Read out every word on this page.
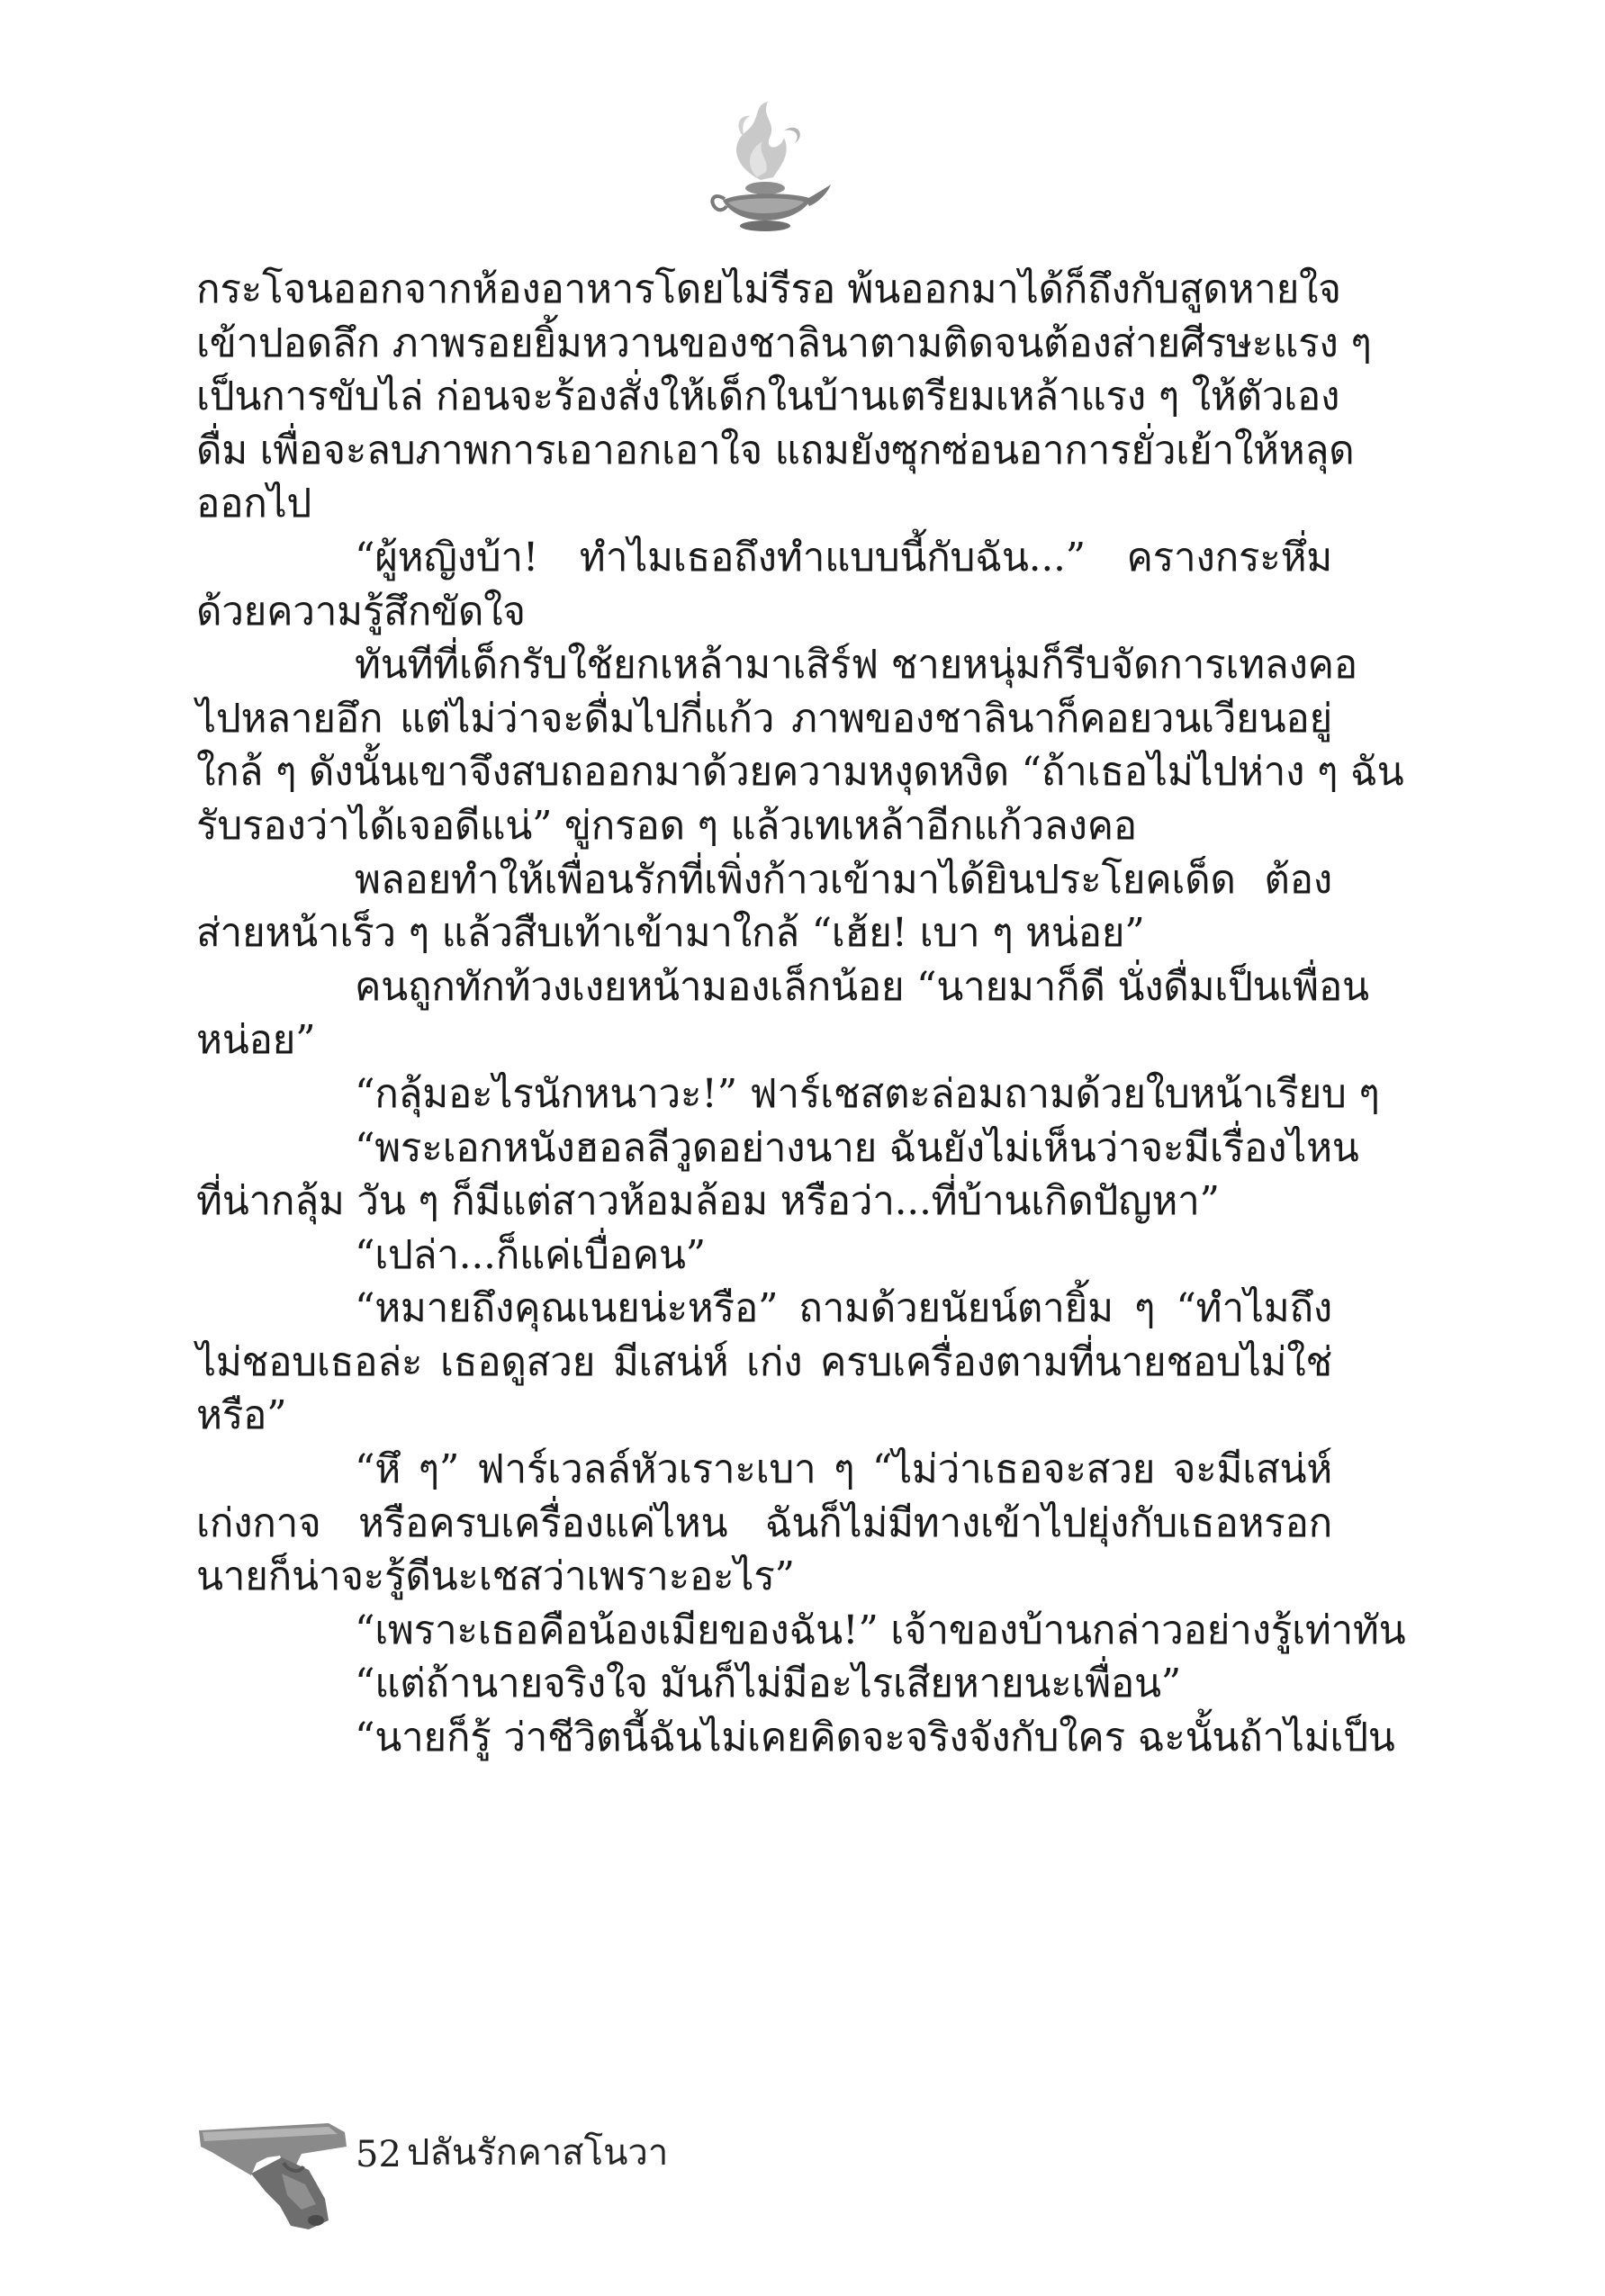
กระโจนออกจากห้องอาหารโดยไม่รีรอ พ้นออกมาได้ก็ถึงกับสูดหายใจ
เข้าปอดลึก ภาพรอยยิ้มหวานของชาลินาตามติดจนต้องส่ายศีรษะแรง ๆ
เป็นการขับไล่ ก่อนจะร้องสั่งให้เด็กในบ้านเตรียมเหล้าแรง ๆ ให้ตัวเอง
ดื่ม เพื่อจะลบภาพการเอาอกเอาใจ แถมยังซุกซ่อนอาการยั่วเย้าให้หลุด
ออกไป
“ผู้หญิงบ้า! ทำไมเธอถึงทำแบบนี้กับฉัน...” ครางกระหึ่ม
ด้วยความรู้สึกขัดใจ
ทันทีที่เด็กรับใช้ยกเหล้ามาเสิร์ฟ ชายหนุ่มก็รีบจัดการเทลงคอ
ไปหลายอึก แต่ไม่ว่าจะดื่มไปกี่แก้ว ภาพของชาลินาก็คอยวนเวียนอยู่
ใกล้ ๆ ดังนั้นเขาจึงสบถออกมาด้วยความหงุดหงิด “ถ้าเธอไม่ไปห่าง ๆ ฉัน
รับรองว่าได้เจอดีแน่” ขู่กรอด ๆ แล้วเทเหล้าอีกแก้วลงคอ
พลอยทำให้เพื่อนรักที่เพิ่งก้าวเข้ามาได้ยินประโยคเด็ด ต้อง
ส่ายหน้าเร็ว ๆ แล้วสืบเท้าเข้ามาใกล้ “เฮ้ย! เบา ๆ หน่อย”
คนถูกทักท้วงเงยหน้ามองเล็กน้อย “นายมาก็ดี นั่งดื่มเป็นเพื่อน
หน่อย”
“กลุ้มอะไรนักหนาวะ!” ฟาร์เชสตะล่อมถามด้วยใบหน้าเรียบ ๆ
“พระเอกหนังฮอลลีวูดอย่างนาย ฉันยังไม่เห็นว่าจะมีเรื่องไหน
ที่น่ากลุ้ม วัน ๆ ก็มีแต่สาวห้อมล้อม หรือว่า...ที่บ้านเกิดปัญหา”
“เปล่า...ก็แค่เบื่อคน”
“หมายถึงคุณเนยน่ะหรือ” ถามด้วยนัยน์ตายิ้ม ๆ “ทำไมถึง
ไม่ชอบเธอล่ะ เธอดูสวย มีเสน่ห์ เก่ง ครบเครื่องตามที่นายชอบไม่ใช่
หรือ”
“หึ ๆ” ฟาร์เวลล์หัวเราะเบา ๆ “ไม่ว่าเธอจะสวย จะมีเสน่ห์
เก่งกาจ หรือครบเครื่องแค่ไหน ฉันก็ไม่มีทางเข้าไปยุ่งกับเธอหรอก
นายก็น่าจะรู้ดีนะเชสว่าเพราะอะไร”
“เพราะเธอคือน้องเมียของฉัน!” เจ้าของบ้านกล่าวอย่างรู้เท่าทัน
“แต่ถ้านายจริงใจ มันก็ไม่มีอะไรเสียหายนะเพื่อน”
“นายก็รู้ ว่าชีวิตนี้ฉันไม่เคยคิดจะจริงจังกับใคร ฉะนั้นถ้าไม่เป็น
52 ปลันรักคาสโนวา
